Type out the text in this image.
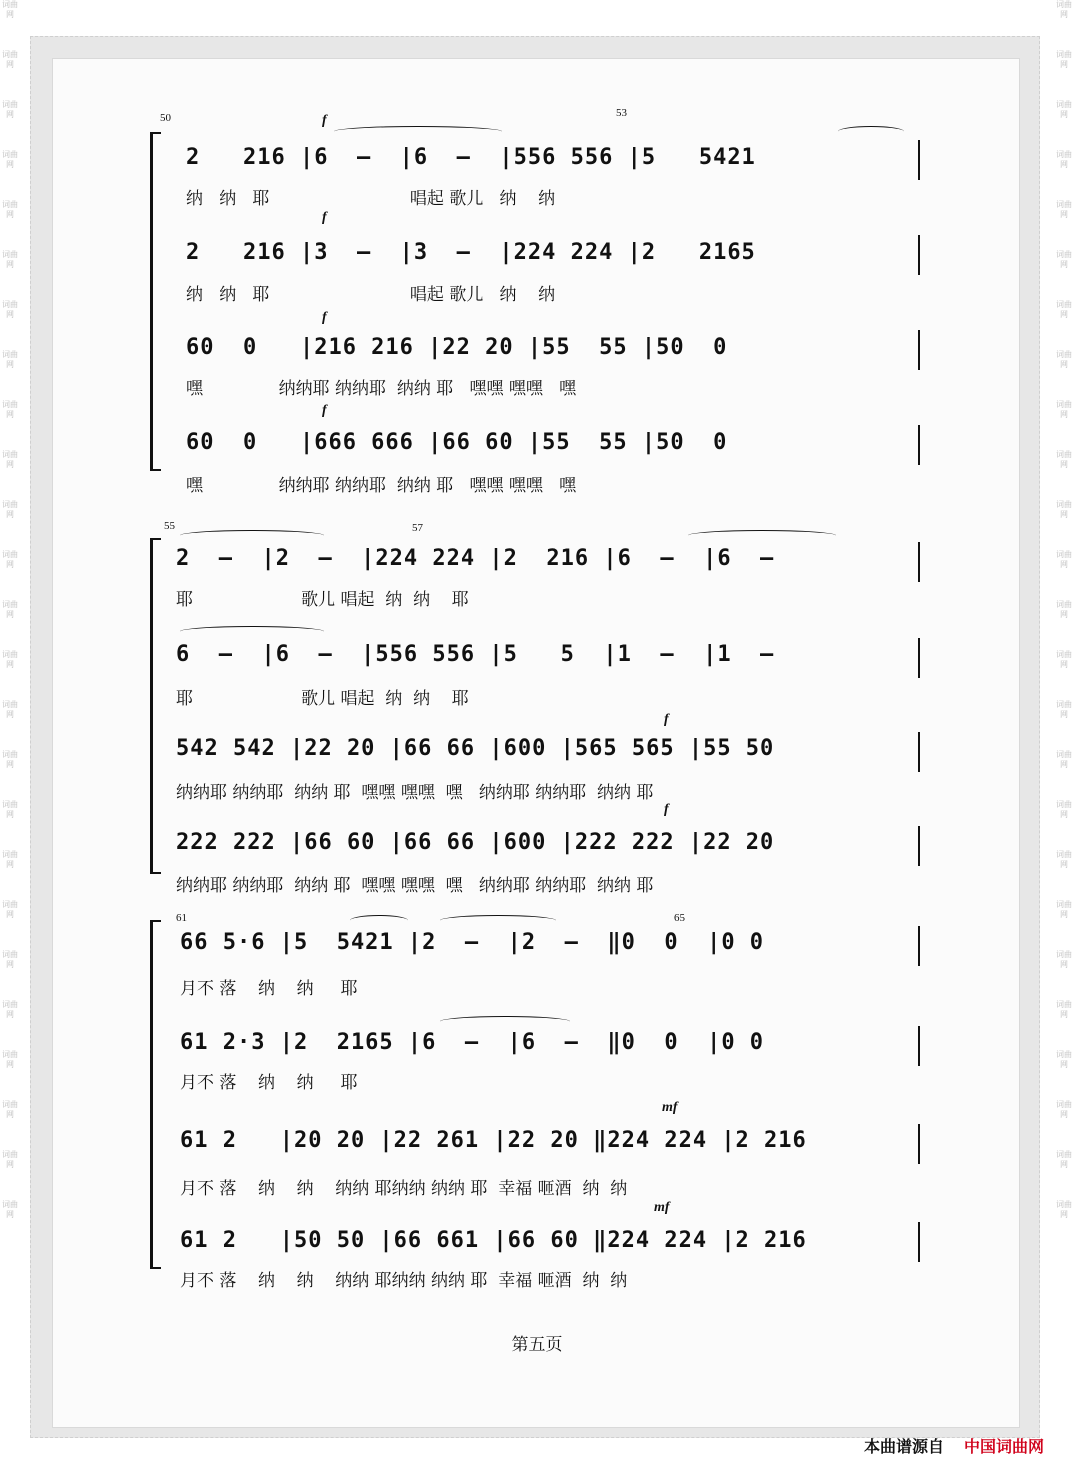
词曲网
词曲网
词曲网
词曲网
词曲网
词曲网
词曲网
词曲网
词曲网
词曲网
词曲网
词曲网
词曲网
词曲网
词曲网
词曲网
词曲网
词曲网
词曲网
词曲网
词曲网
词曲网
词曲网
词曲网
词曲网
词曲网
词曲网
词曲网
词曲网
词曲网
词曲网
词曲网
词曲网
词曲网
词曲网
词曲网
词曲网
词曲网
词曲网
词曲网
词曲网
词曲网
词曲网
词曲网
词曲网
词曲网
词曲网
词曲网
词曲网
词曲网
50	53
f
2   216 |6  –  |6  –  |556 556 |5   5421
纳   纳   耶                          唱起 歌儿   纳    纳
f
2   216 |3  –  |3  –  |224 224 |2   2165
纳   纳   耶                          唱起 歌儿   纳    纳
f
60  0   |216 216 |22 20 |55  55 |50  0
嘿              纳纳耶 纳纳耶  纳纳 耶   嘿嘿 嘿嘿   嘿
f
60  0   |666 666 |66 60 |55  55 |50  0
嘿              纳纳耶 纳纳耶  纳纳 耶   嘿嘿 嘿嘿   嘿
55	57
2  –  |2  –  |224 224 |2  216 |6  –  |6  –
耶                    歌儿 唱起  纳  纳    耶
6  –  |6  –  |556 556 |5   5  |1  –  |1  –
耶                    歌儿 唱起  纳  纳    耶
f
542 542 |22 20 |66 66 |600 |565 565 |55 50
纳纳耶 纳纳耶  纳纳 耶  嘿嘿 嘿嘿  嘿   纳纳耶 纳纳耶  纳纳 耶
f
222 222 |66 60 |66 66 |600 |222 222 |22 20
纳纳耶 纳纳耶  纳纳 耶  嘿嘿 嘿嘿  嘿   纳纳耶 纳纳耶  纳纳 耶
61	65
66 5·6 |5  5421 |2  –  |2  –  ‖0  0  |0 0
月不 落    纳    纳     耶
61 2·3 |2  2165 |6  –  |6  –  ‖0  0  |0 0
月不 落    纳    纳     耶
mf
61 2   |20 20 |22 261 |22 20 ‖224 224 |2 216
月不 落    纳    纳    纳纳 耶纳纳 纳纳 耶  幸福 咂酒  纳  纳
mf
61 2   |50 50 |66 661 |66 60 ‖224 224 |2 216
月不 落    纳    纳    纳纳 耶纳纳 纳纳 耶  幸福 咂酒  纳  纳
第五页
本曲谱源自 中国词曲网
